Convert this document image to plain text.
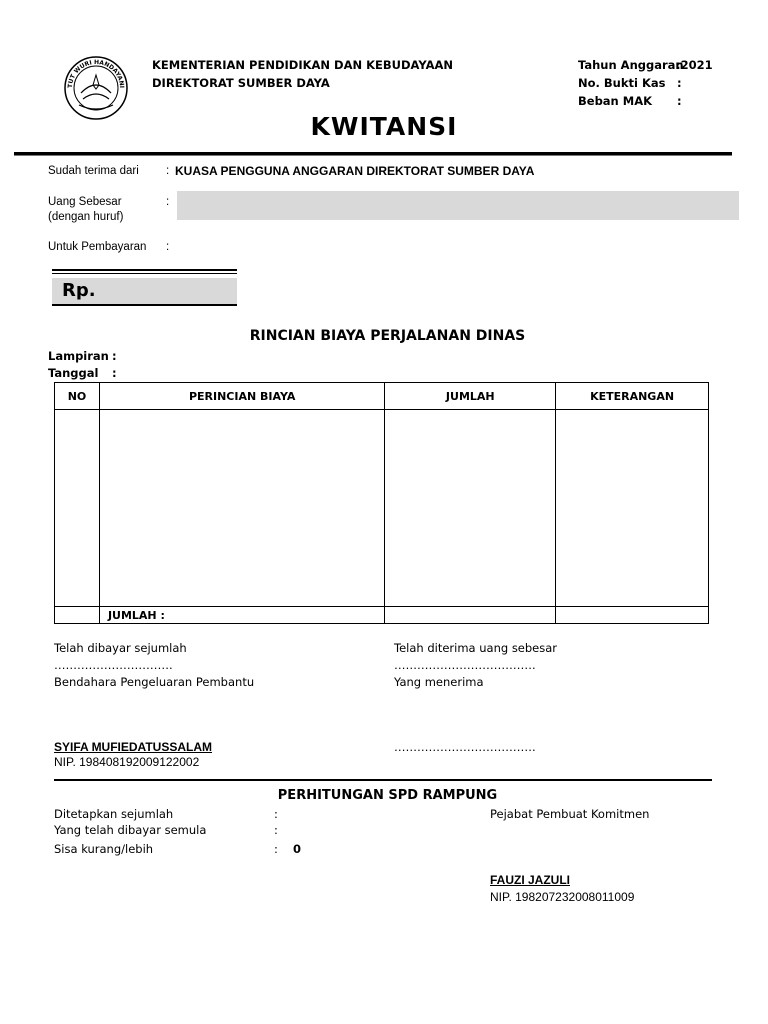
TUT WURI HANDAYANI
KEMENTERIAN PENDIDIKAN DAN KEBUDAYAAN
DIREKTORAT SUMBER DAYA
Tahun Anggaran
:2021
No. Bukti Kas :
Beban MAK :
KWITANSI
Sudah terima dari : KUASA PENGGUNA ANGGARAN DIREKTORAT SUMBER DAYA
Uang Sebesar
(dengan huruf)
:
Untuk Pembayaran :
Rp.
RINCIAN BIAYA PERJALANAN DINAS
Lampiran :
Tanggal :
NO	PERINCIAN BIAYA	JUMLAH	KETERANGAN

	JUMLAH :		
Telah dibayar sejumlah
………………………….
Bendahara Pengeluaran Pembantu
SYIFA MUFIEDATUSSALAM
NIP. 198408192009122002
Telah diterima uang sebesar
……………………………….
Yang menerima
……………………………….
PERHITUNGAN SPD RAMPUNG
Ditetapkan sejumlah	:
Yang telah dibayar semula	:
Sisa kurang/lebih	: 0
Pejabat Pembuat Komitmen
FAUZI JAZULI
NIP. 198207232008011009
